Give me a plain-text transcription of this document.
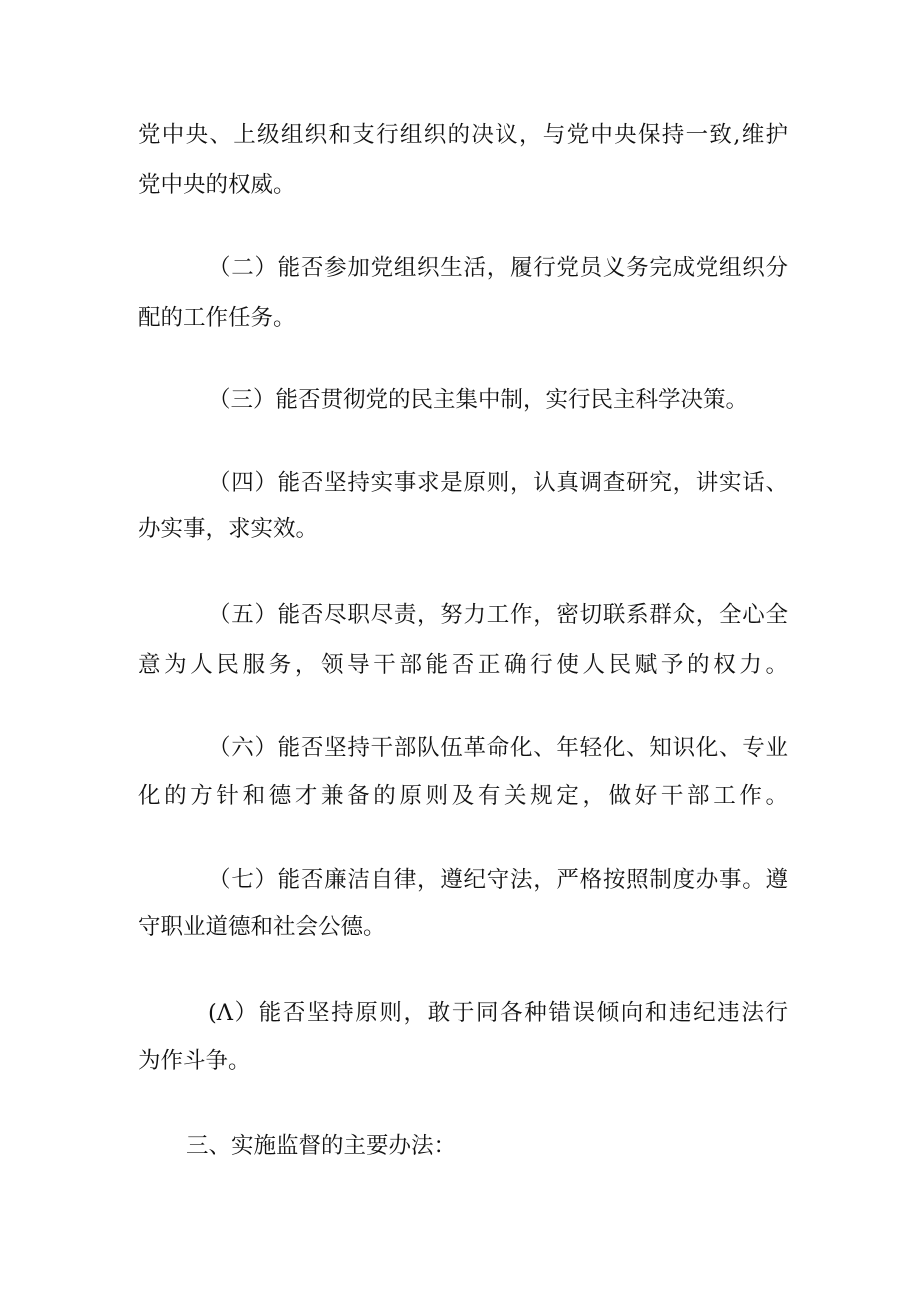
党中央、上级组织和支行组织的决议，与党中央保持一致,维护
党中央的权威。
（二）能否参加党组织生活，履行党员义务完成党组织分
配的工作任务。
（三）能否贯彻党的民主集中制，实行民主科学决策。
（四）能否坚持实事求是原则，认真调查研究，讲实话、
办实事，求实效。
（五）能否尽职尽责，努力工作，密切联系群众，全心全
意为人民服务，领导干部能否正确行使人民赋予的权力。
（六）能否坚持干部队伍革命化、年轻化、知识化、专业
化的方针和德才兼备的原则及有关规定，做好干部工作。
（七）能否廉洁自律，遵纪守法，严格按照制度办事。遵
守职业道德和社会公德。
(Λ）能否坚持原则，敢于同各种错误倾向和违纪违法行
为作斗争。
三、实施监督的主要办法：
